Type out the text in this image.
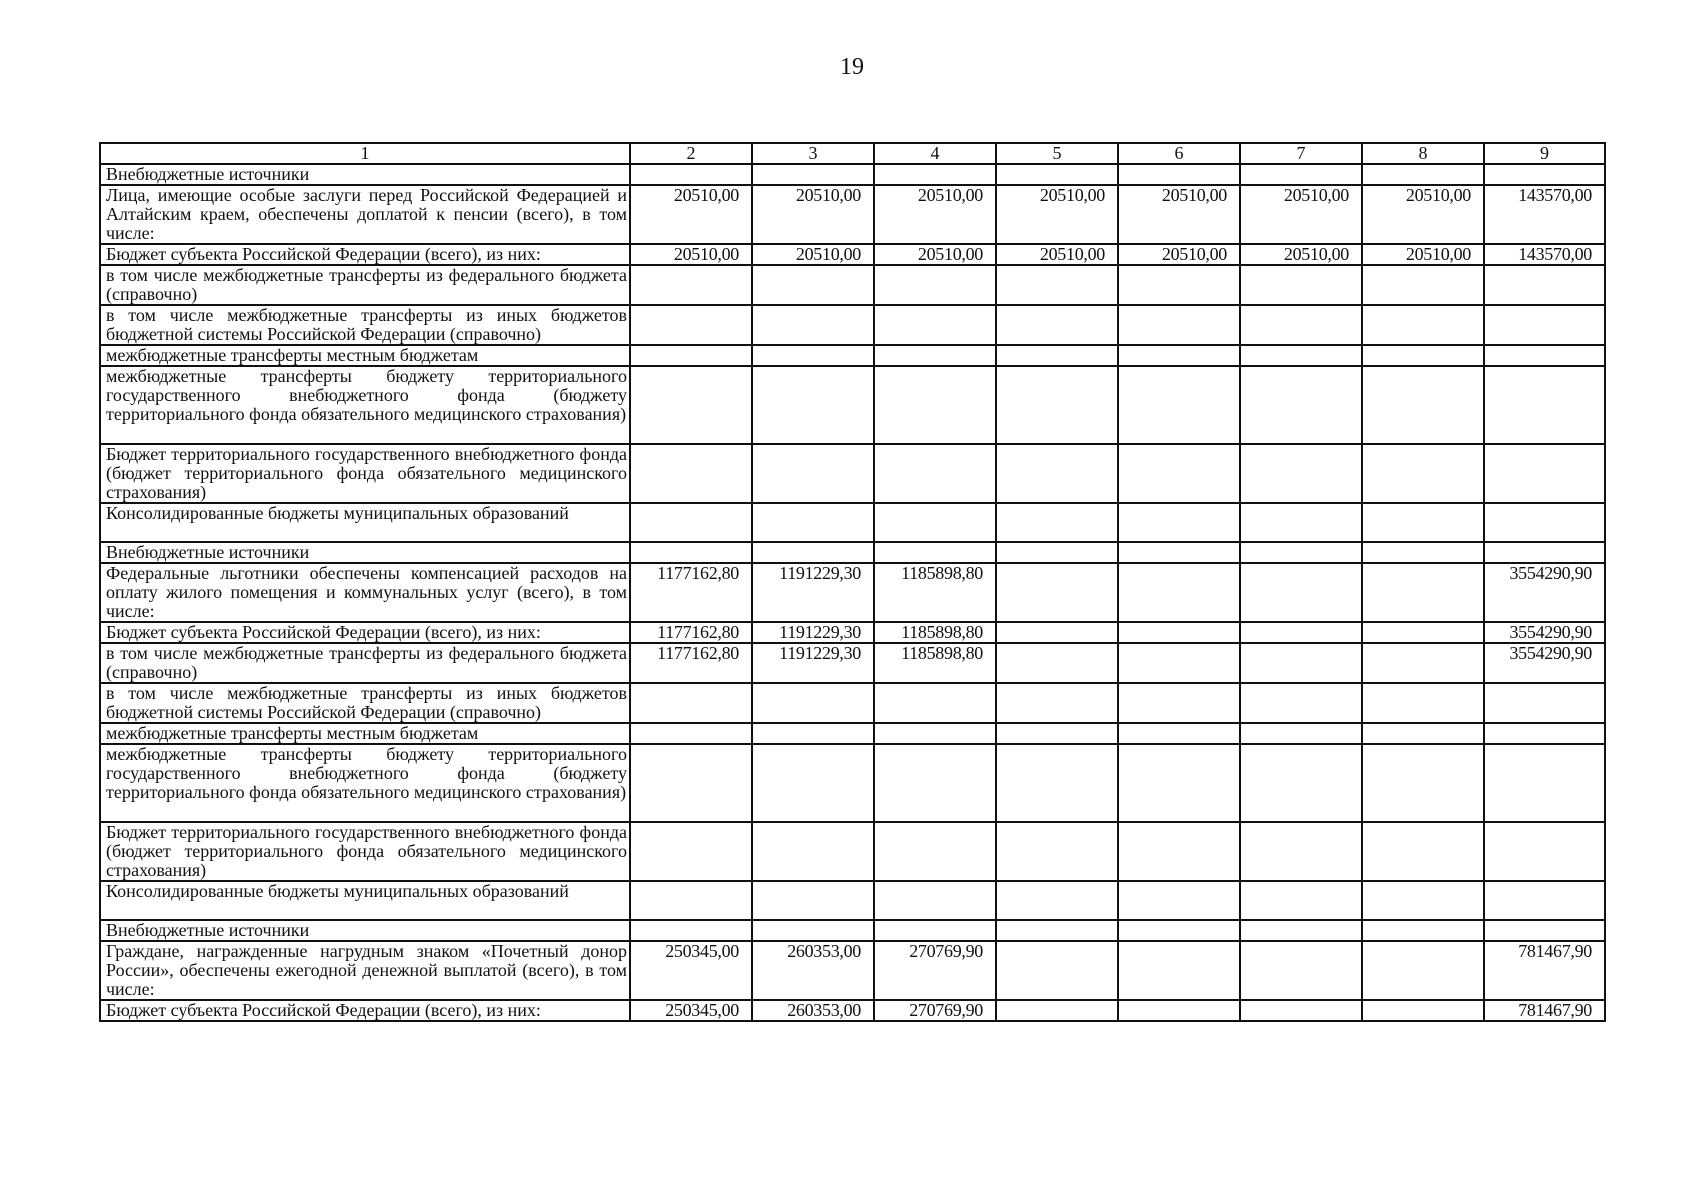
19
1	2	3	4	5	6	7	8	9
Внебюджетные источники								
Лица, имеющие особые заслуги перед Российской Федерацией и Алтайским краем, обеспечены доплатой к пенсии (всего), в том числе:	20510,00	20510,00	20510,00	20510,00	20510,00	20510,00	20510,00	143570,00
Бюджет субъекта Российской Федерации (всего), из них:	20510,00	20510,00	20510,00	20510,00	20510,00	20510,00	20510,00	143570,00
в том числе межбюджетные трансферты из федерального бюджета (справочно)								
в том числе межбюджетные трансферты из иных бюджетов бюджетной системы Российской Федерации (справочно)								
межбюджетные трансферты местным бюджетам								
межбюджетные трансферты бюджету территориального государственного внебюджетного фонда (бюджету территориального фонда обязательного медицинского страхования)								
Бюджет территориального государственного внебюджетного фонда (бюджет территориального фонда обязательного медицинского страхования)								
Консолидированные бюджеты муниципальных образований								
Внебюджетные источники								
Федеральные льготники обеспечены компенсацией расходов на оплату жилого помещения и коммунальных услуг (всего), в том числе:	1177162,80	1191229,30	1185898,80					3554290,90
Бюджет субъекта Российской Федерации (всего), из них:	1177162,80	1191229,30	1185898,80					3554290,90
в том числе межбюджетные трансферты из федерального бюджета (справочно)	1177162,80	1191229,30	1185898,80					3554290,90
в том числе межбюджетные трансферты из иных бюджетов бюджетной системы Российской Федерации (справочно)								
межбюджетные трансферты местным бюджетам								
межбюджетные трансферты бюджету территориального государственного внебюджетного фонда (бюджету территориального фонда обязательного медицинского страхования)								
Бюджет территориального государственного внебюджетного фонда (бюджет территориального фонда обязательного медицинского страхования)								
Консолидированные бюджеты муниципальных образований								
Внебюджетные источники								
Граждане, награжденные нагрудным знаком «Почетный донор России», обеспечены ежегодной денежной выплатой (всего), в том числе:	250345,00	260353,00	270769,90					781467,90
Бюджет субъекта Российской Федерации (всего), из них:	250345,00	260353,00	270769,90					781467,90
